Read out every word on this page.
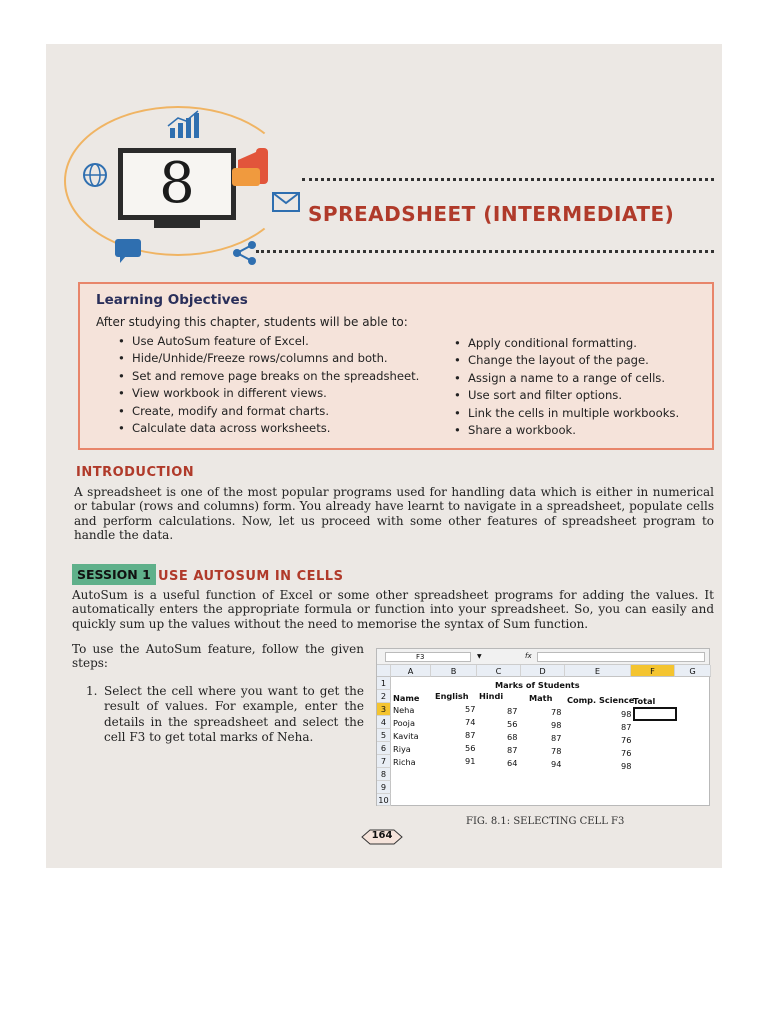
8	SPREADSHEET (INTERMEDIATE)
Learning Objectives
After studying this chapter, students will be able to:
• Use AutoSum feature of Excel.
• Hide/Unhide/Freeze rows/columns and both.
• Set and remove page breaks on the spreadsheet.
• View workbook in different views.
• Create, modify and format charts.
• Calculate data across worksheets.
• Apply conditional formatting.
• Change the layout of the page.
• Assign a name to a range of cells.
• Use sort and filter options.
• Link the cells in multiple workbooks.
• Share a workbook.
INTRODUCTION
A spreadsheet is one of the most popular programs used for handling data which is either in numerical or tabular (rows and columns) form. You already have learnt to navigate in a spreadsheet, populate cells and perform calculations. Now, let us proceed with some other features of spreadsheet program to handle the data.
SESSION 1 USE AUTOSUM IN CELLS
AutoSum is a useful function of Excel or some other spreadsheet programs for adding the values. It automatically enters the appropriate formula or function into your spreadsheet. So, you can easily and quickly sum up the values without the need to memorise the syntax of Sum function.
To use the AutoSum feature, follow the given steps:
1. Select the cell where you want to get the result of values. For example, enter the details in the spreadsheet and select the cell F3 to get total marks of Neha.
F3	▼	fx
A	B	C	D	E	F	G
1
2
3
4
5
6
7
8
9
10
Marks of Students
Name English Hindi	Math Comp. Science
Total
Neha	57	87	78	98
Pooja	74	56	98	87
Kavita	87	68	87	76
Riya	56	87	78	76
Richa	91	64	94	98
FIG. 8.1: SELECTING CELL F3
164
